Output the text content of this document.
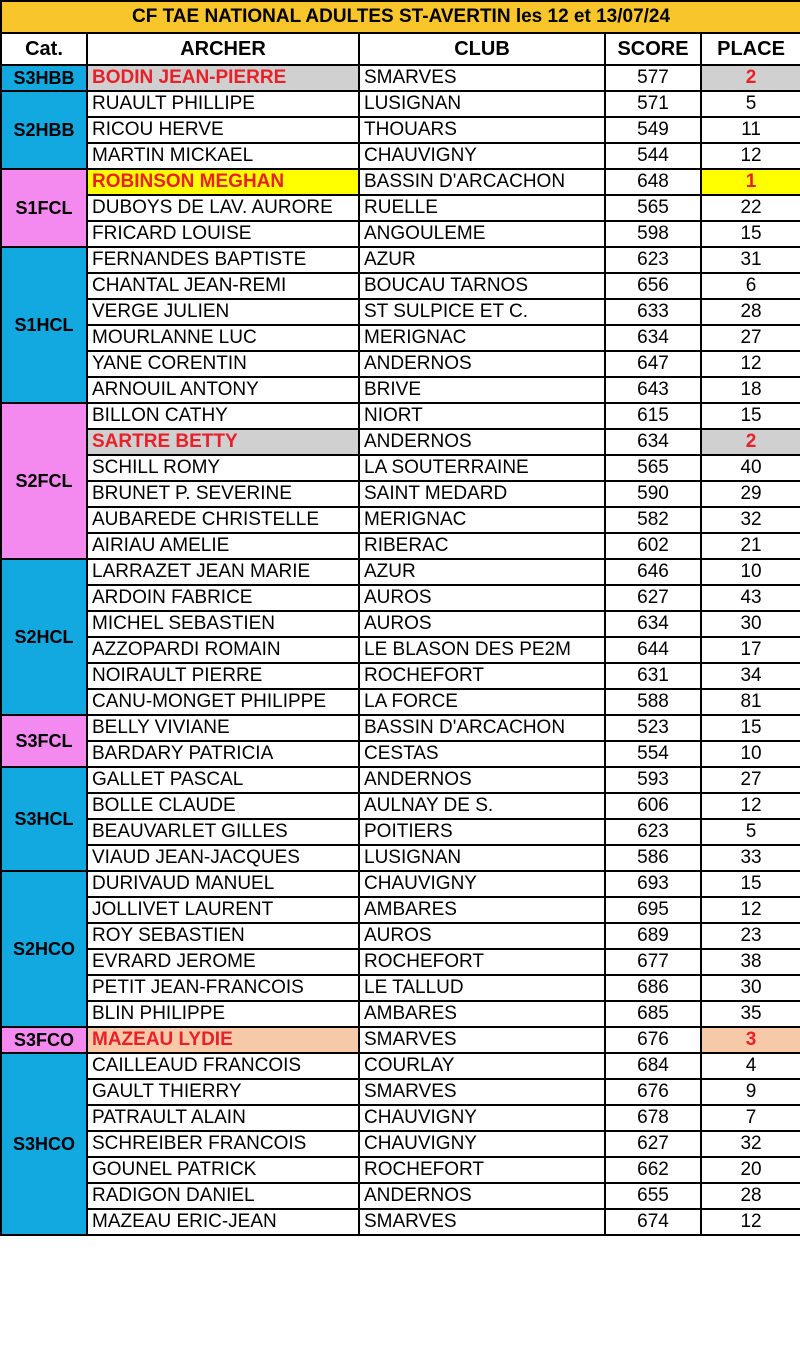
CF TAE NATIONAL ADULTES ST-AVERTIN les 12 et 13/07/24				
Cat.	ARCHER	CLUB	SCORE	PLACE
S3HBB	BODIN JEAN-PIERRE	SMARVES	577	2
S2HBB	RUAULT PHILLIPE	LUSIGNAN	571	5
	RICOU HERVE	THOUARS	549	11
	MARTIN MICKAEL	CHAUVIGNY	544	12
S1FCL	ROBINSON MEGHAN	BASSIN D'ARCACHON	648	1
	DUBOYS DE LAV. AURORE	RUELLE	565	22
	FRICARD LOUISE	ANGOULEME	598	15
S1HCL	FERNANDES BAPTISTE	AZUR	623	31
	CHANTAL JEAN-REMI	BOUCAU TARNOS	656	6
	VERGE JULIEN	ST SULPICE ET C.	633	28
	MOURLANNE LUC	MERIGNAC	634	27
	YANE CORENTIN	ANDERNOS	647	12
	ARNOUIL ANTONY	BRIVE	643	18
S2FCL	BILLON CATHY	NIORT	615	15
	SARTRE BETTY	ANDERNOS	634	2
	SCHILL ROMY	LA SOUTERRAINE	565	40
	BRUNET P. SEVERINE	SAINT MEDARD	590	29
	AUBAREDE CHRISTELLE	MERIGNAC	582	32
	AIRIAU AMELIE	RIBERAC	602	21
S2HCL	LARRAZET JEAN MARIE	AZUR	646	10
	ARDOIN FABRICE	AUROS	627	43
	MICHEL SEBASTIEN	AUROS	634	30
	AZZOPARDI ROMAIN	LE BLASON DES PE2M	644	17
	NOIRAULT PIERRE	ROCHEFORT	631	34
	CANU-MONGET PHILIPPE	LA FORCE	588	81
S3FCL	BELLY VIVIANE	BASSIN D'ARCACHON	523	15
	BARDARY PATRICIA	CESTAS	554	10
S3HCL	GALLET PASCAL	ANDERNOS	593	27
	BOLLE CLAUDE	AULNAY DE S.	606	12
	BEAUVARLET GILLES	POITIERS	623	5
	VIAUD JEAN-JACQUES	LUSIGNAN	586	33
S2HCO	DURIVAUD MANUEL	CHAUVIGNY	693	15
	JOLLIVET LAURENT	AMBARES	695	12
	ROY SEBASTIEN	AUROS	689	23
	EVRARD JEROME	ROCHEFORT	677	38
	PETIT JEAN-FRANCOIS	LE TALLUD	686	30
	BLIN PHILIPPE	AMBARES	685	35
S3FCO	MAZEAU LYDIE	SMARVES	676	3
S3HCO	CAILLEAUD FRANCOIS	COURLAY	684	4
	GAULT THIERRY	SMARVES	676	9
	PATRAULT ALAIN	CHAUVIGNY	678	7
	SCHREIBER FRANCOIS	CHAUVIGNY	627	32
	GOUNEL PATRICK	ROCHEFORT	662	20
	RADIGON DANIEL	ANDERNOS	655	28
	MAZEAU ERIC-JEAN	SMARVES	674	12
